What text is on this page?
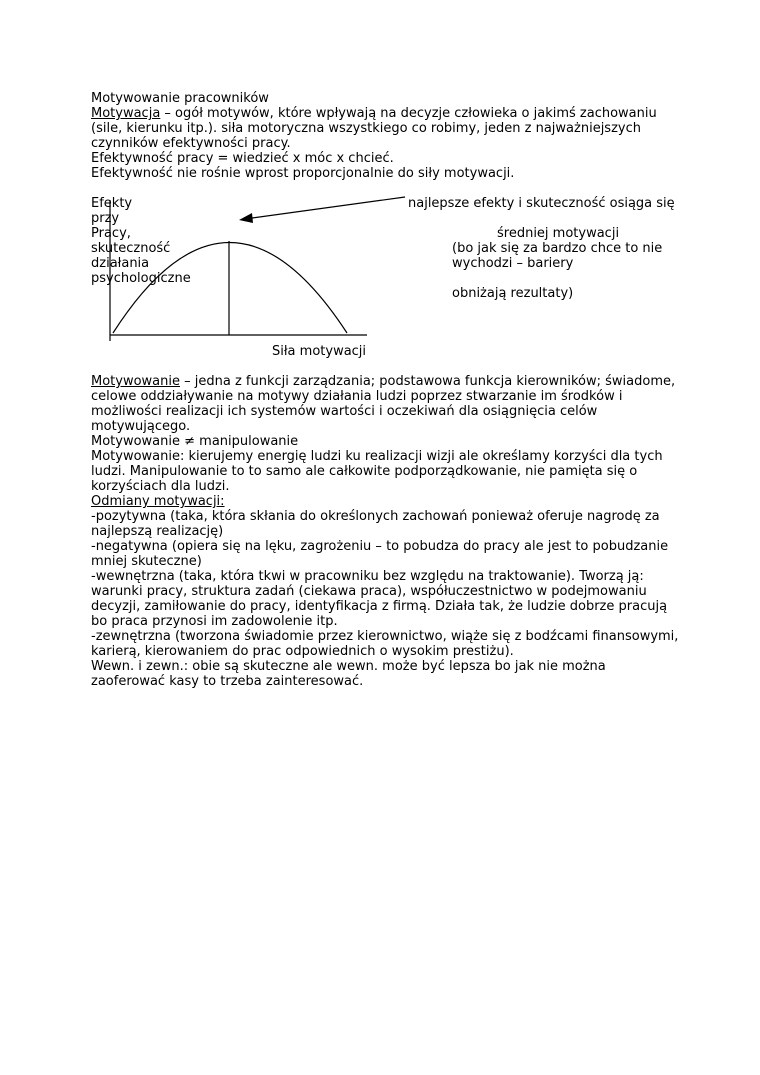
Motywowanie pracowników
Motywacja – ogół motywów, które wpływają na decyzje człowieka o jakimś zachowaniu
(sile, kierunku itp.). siła motoryczna wszystkiego co robimy, jeden z najważniejszych
czynników efektywności pracy.
Efektywność pracy = wiedzieć x móc x chcieć.
Efektywność nie rośnie wprost proporcjonalnie do siły motywacji.
Efekty
przy
Pracy,
skuteczność
działania
psychologiczne
najlepsze efekty i skuteczność osiąga się
średniej motywacji
(bo jak się za bardzo chce to nie
wychodzi – bariery
obniżają rezultaty)
Siła motywacji
Motywowanie – jedna z funkcji zarządzania; podstawowa funkcja kierowników; świadome,
celowe oddziaływanie na motywy działania ludzi poprzez stwarzanie im środków i
możliwości realizacji ich systemów wartości i oczekiwań dla osiągnięcia celów
motywującego.
Motywowanie ≠ manipulowanie
Motywowanie: kierujemy energię ludzi ku realizacji wizji ale określamy korzyści dla tych
ludzi. Manipulowanie to to samo ale całkowite podporządkowanie, nie pamięta się o
korzyściach dla ludzi.
Odmiany motywacji:
-pozytywna (taka, która skłania do określonych zachowań ponieważ oferuje nagrodę za
najlepszą realizację)
-negatywna (opiera się na lęku, zagrożeniu – to pobudza do pracy ale jest to pobudzanie
mniej skuteczne)
-wewnętrzna (taka, która tkwi w pracowniku bez względu na traktowanie). Tworzą ją:
warunki pracy, struktura zadań (ciekawa praca), współuczestnictwo w podejmowaniu
decyzji, zamiłowanie do pracy, identyfikacja z firmą. Działa tak, że ludzie dobrze pracują
bo praca przynosi im zadowolenie itp.
-zewnętrzna (tworzona świadomie przez kierownictwo, wiąże się z bodźcami finansowymi,
karierą, kierowaniem do prac odpowiednich o wysokim prestiżu).
Wewn. i zewn.: obie są skuteczne ale wewn. może być lepsza bo jak nie można
zaoferować kasy to trzeba zainteresować.
